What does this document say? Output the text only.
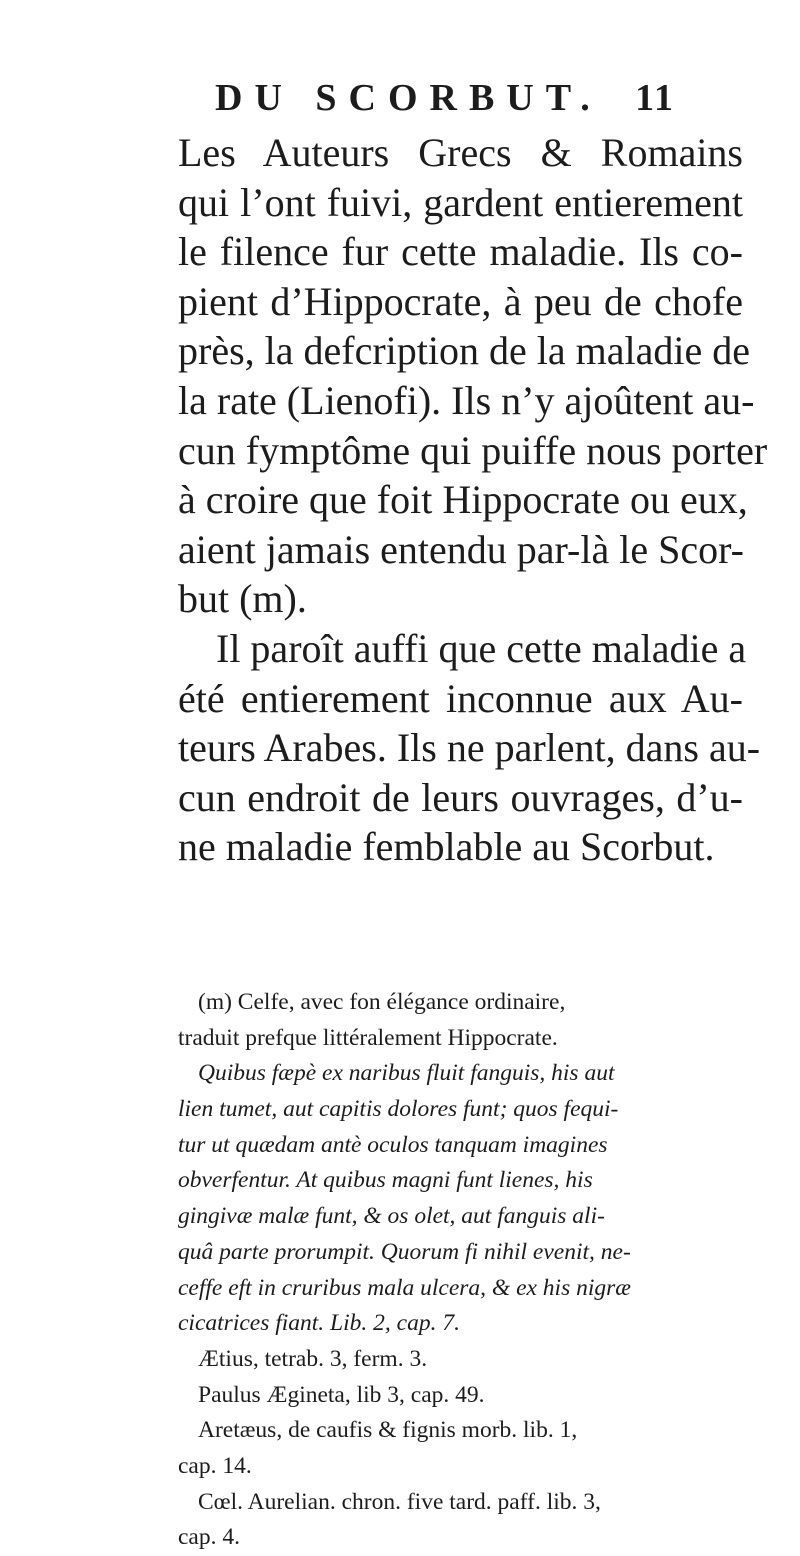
DU SCORBUT. 11
Les Auteurs Grecs & Romains
qui l’ont fuivi, gardent entierement
le filence fur cette maladie. Ils co-
pient d’Hippocrate, à peu de chofe
près, la defcription de la maladie de
la rate (Lienofi). Ils n’y ajoûtent au-
cun fymptôme qui puiffe nous porter
à croire que foit Hippocrate ou eux,
aient jamais entendu par-là le Scor-
but (m).
Il paroît auffi que cette maladie a
été entierement inconnue aux Au-
teurs Arabes. Ils ne parlent, dans au-
cun endroit de leurs ouvrages, d’u-
ne maladie femblable au Scorbut.
(m) Celfe, avec fon élégance ordinaire,
traduit prefque littéralement Hippocrate.
Quibus fæpè ex naribus fluit fanguis, his aut
lien tumet, aut capitis dolores funt; quos fequi-
tur ut quædam antè oculos tanquam imagines
obverfentur. At quibus magni funt lienes, his
gingivæ malæ funt, & os olet, aut fanguis ali-
quâ parte prorumpit. Quorum fi nihil evenit, ne-
ceffe eft in cruribus mala ulcera, & ex his nigræ
cicatrices fiant. Lib. 2, cap. 7.
Ætius, tetrab. 3, ferm. 3.
Paulus Ægineta, lib 3, cap. 49.
Aretæus, de caufis & fignis morb. lib. 1,
cap. 14.
Cœl. Aurelian. chron. five tard. paff. lib. 3,
cap. 4.
